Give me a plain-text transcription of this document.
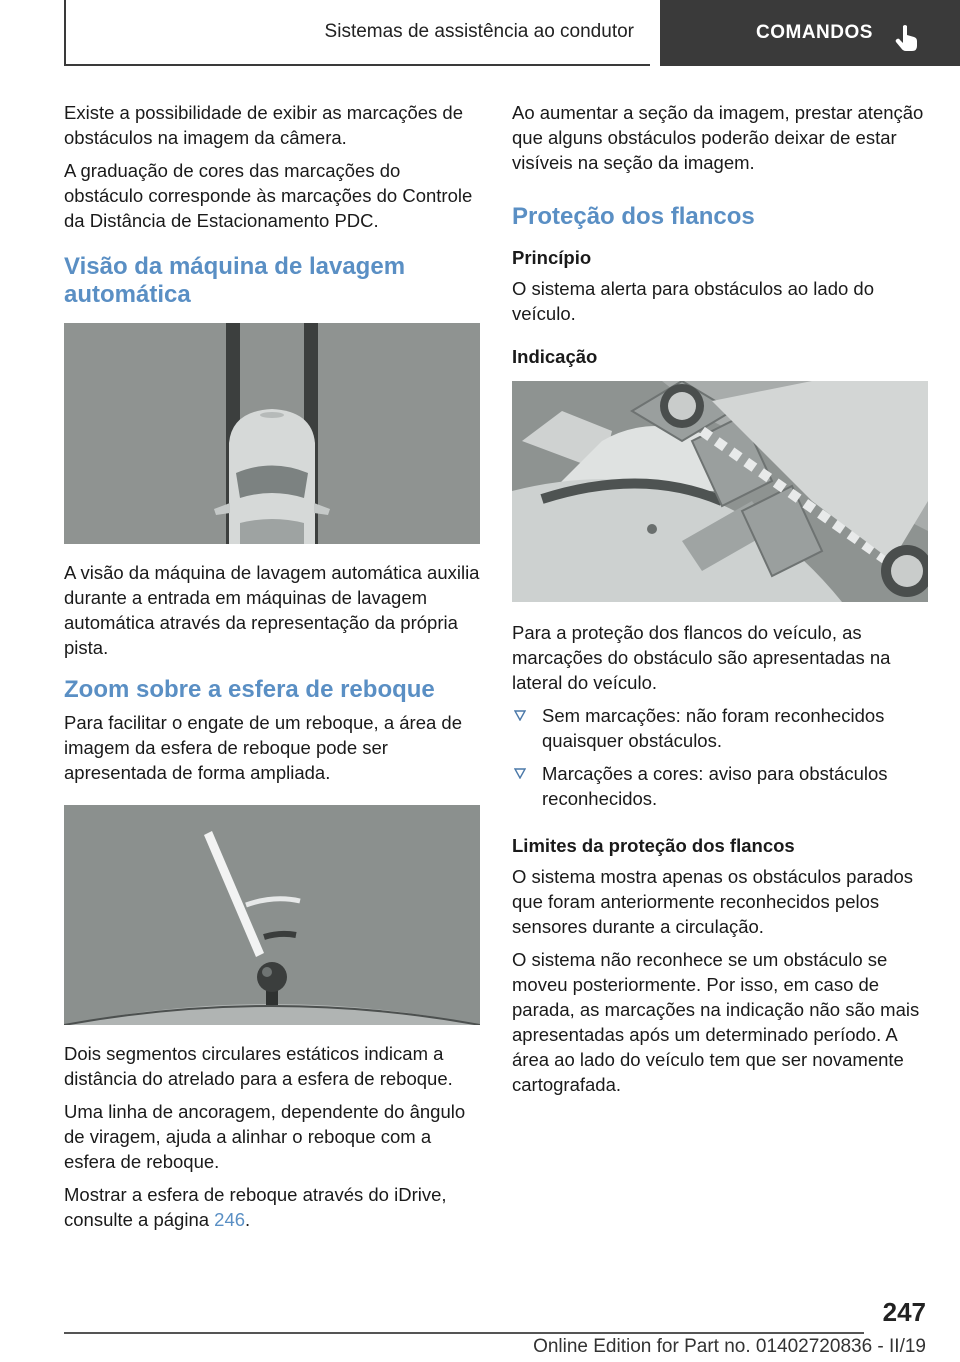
Sistemas de assistência ao condutor	COMANDOS

Existe a possibilidade de exibir as marcações de obstáculos na imagem da câmera.

A graduação de cores das marcações do obstáculo corresponde às marcações do Controle da Distância de Estacionamento PDC.

Visão da máquina de lavagem automática

A visão da máquina de lavagem automática auxilia durante a entrada em máquinas de lavagem automática através da representação da própria pista.

Zoom sobre a esfera de reboque

Para facilitar o engate de um reboque, a área de imagem da esfera de reboque pode ser apresentada de forma ampliada.

Dois segmentos circulares estáticos indicam a distância do atrelado para a esfera de reboque.

Uma linha de ancoragem, dependente do ângulo de viragem, ajuda a alinhar o reboque com a esfera de reboque.

Mostrar a esfera de reboque através do iDrive, consulte a página 246.

Ao aumentar a seção da imagem, prestar atenção que alguns obstáculos poderão deixar de estar visíveis na seção da imagem.

Proteção dos flancos
Princípio

O sistema alerta para obstáculos ao lado do veículo.

Indicação

Para a proteção dos flancos do veículo, as marcações do obstáculo são apresentadas na lateral do veículo.

Sem marcações: não foram reconhecidos quaisquer obstáculos.
Marcações a cores: aviso para obstáculos reconhecidos.
Limites da proteção dos flancos

O sistema mostra apenas os obstáculos parados que foram anteriormente reconhecidos pelos sensores durante a circulação.

O sistema não reconhece se um obstáculo se moveu posteriormente. Por isso, em caso de parada, as marcações na indicação não são mais apresentadas após um determinado período. A área ao lado do veículo tem que ser novamente cartografada.

247
Online Edition for Part no. 01402720836 - II/19
